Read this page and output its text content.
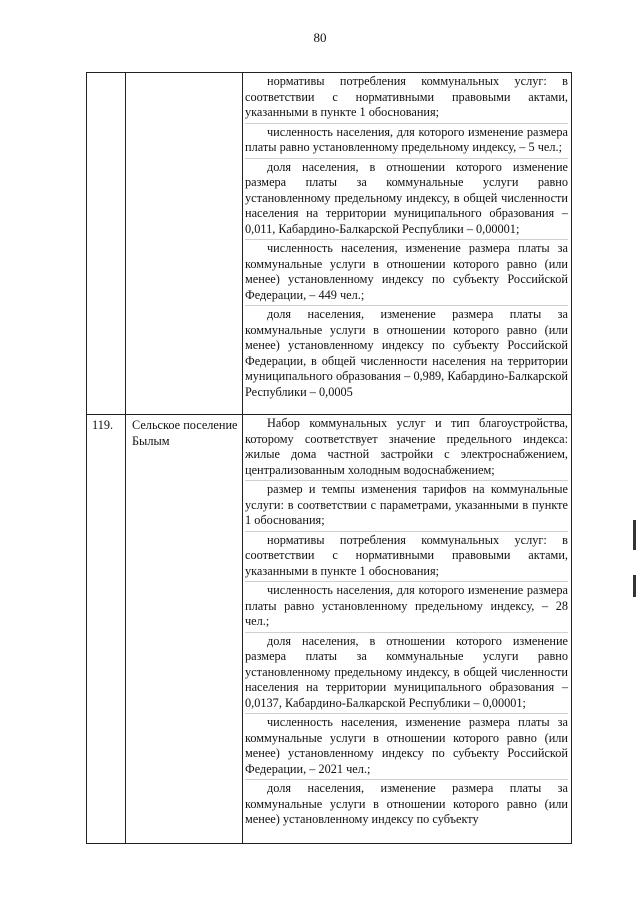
80

нормативы потребления коммунальных услуг: в соответствии с нормативными правовыми актами, указанными в пункте 1 обоснования;

численность населения, для которого изменение размера платы равно установленному предельному индексу, – 5 чел.;

доля населения, в отношении которого изменение размера платы за коммунальные услуги равно установленному предельному индексу, в общей численности населения на территории муниципального образования – 0,011, Кабардино-Балкарской Республики – 0,00001;

численность населения, изменение размера платы за коммунальные услуги в отношении которого равно (или менее) установленному индексу по субъекту Российской Федерации, – 449 чел.;

доля населения, изменение размера платы за коммунальные услуги в отношении которого равно (или менее) установленному индексу по субъекту Российской Федерации, в общей численности населения на территории муниципального образования – 0,989, Кабардино-Балкарской Республики – 0,0005

119.	Сельское поселение Былым

Набор коммунальных услуг и тип благоустройства, которому соответствует значение предельного индекса: жилые дома частной застройки с электроснабжением, централизованным холодным водоснабжением;

размер и темпы изменения тарифов на коммунальные услуги: в соответствии с параметрами, указанными в пункте 1 обоснования;

нормативы потребления коммунальных услуг: в соответствии с нормативными правовыми актами, указанными в пункте 1 обоснования;

численность населения, для которого изменение размера платы равно установленному предельному индексу, – 28 чел.;

доля населения, в отношении которого изменение размера платы за коммунальные услуги равно установленному предельному индексу, в общей численности населения на территории муниципального образования – 0,0137, Кабардино-Балкарской Республики – 0,00001;

численность населения, изменение размера платы за коммунальные услуги в отношении которого равно (или менее) установленному индексу по субъекту Российской Федерации, – 2021 чел.;

доля населения, изменение размера платы за коммунальные услуги в отношении которого равно (или менее) установленному индексу по субъекту
